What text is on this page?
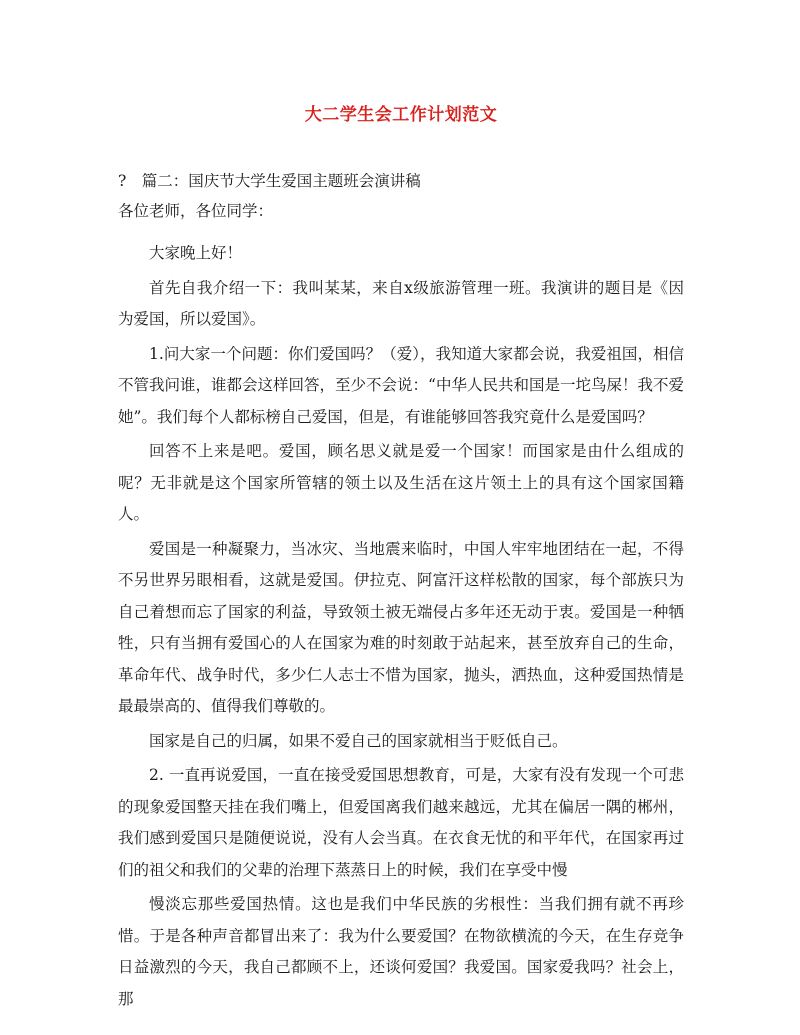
大二学生会工作计划范文

?　篇二：国庆节大学生爱国主题班会演讲稿

各位老师，各位同学：

大家晚上好！

首先自我介绍一下：我叫某某，来自x级旅游管理一班。我演讲的题目是《因为爱国，所以爱国》。

1.问大家一个问题：你们爱国吗？（爱），我知道大家都会说，我爱祖国，相信不管我问谁，谁都会这样回答，至少不会说：“中华人民共和国是一坨鸟屎！我不爱她”。我们每个人都标榜自己爱国，但是，有谁能够回答我究竟什么是爱国吗？

回答不上来是吧。爱国，顾名思义就是爱一个国家！而国家是由什么组成的呢？无非就是这个国家所管辖的领土以及生活在这片领土上的具有这个国家国籍人。

爱国是一种凝聚力，当冰灾、当地震来临时，中国人牢牢地团结在一起，不得不另世界另眼相看，这就是爱国。伊拉克、阿富汗这样松散的国家，每个部族只为自己着想而忘了国家的利益，导致领土被无端侵占多年还无动于衷。爱国是一种牺牲，只有当拥有爱国心的人在国家为难的时刻敢于站起来，甚至放弃自己的生命，革命年代、战争时代，多少仁人志士不惜为国家，抛头，洒热血，这种爱国热情是最最崇高的、值得我们尊敬的。

国家是自己的归属，如果不爱自己的国家就相当于贬低自己。

2. 一直再说爱国，一直在接受爱国思想教育，可是，大家有没有发现一个可悲的现象爱国整天挂在我们嘴上，但爱国离我们越来越远，尤其在偏居一隅的郴州，我们感到爱国只是随便说说，没有人会当真。在衣食无忧的和平年代，在国家再过们的祖父和我们的父辈的治理下蒸蒸日上的时候，我们在享受中慢

慢淡忘那些爱国热情。这也是我们中华民族的劣根性：当我们拥有就不再珍惜。于是各种声音都冒出来了：我为什么要爱国？在物欲横流的今天，在生存竞争日益激烈的今天，我自己都顾不上，还谈何爱国？我爱国。国家爱我吗？社会上，那
